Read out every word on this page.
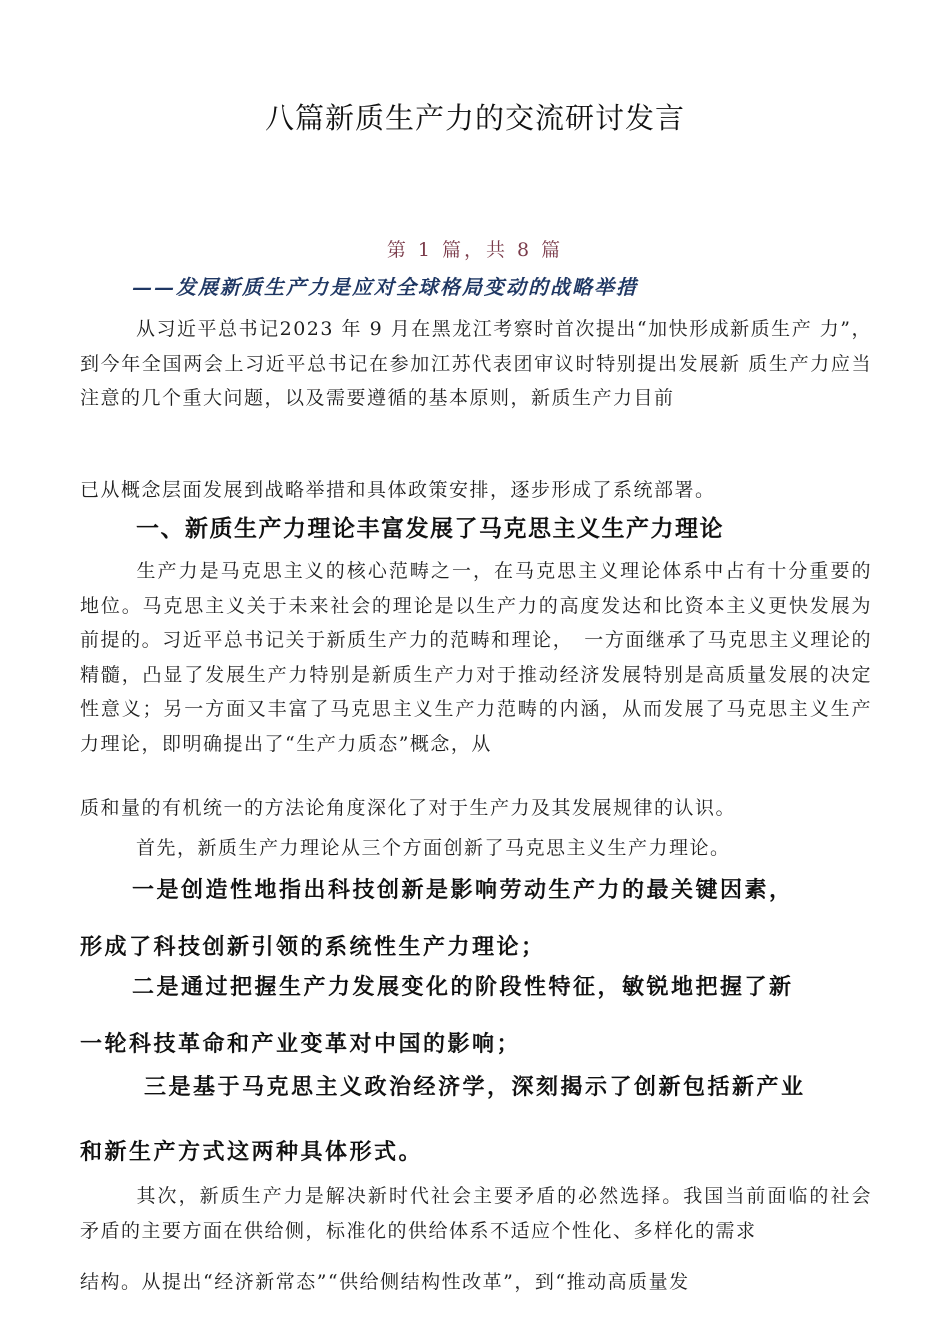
八篇新质生产力的交流研讨发言
第 1 篇，共 8 篇
——发展新质生产力是应对全球格局变动的战略举措
从习近平总书记2023 年 9 月在黑龙江考察时首次提出“加快形成新质生产 力”，到今年全国两会上习近平总书记在参加江苏代表团审议时特别提出发展新 质生产力应当注意的几个重大问题，以及需要遵循的基本原则，新质生产力目前
已从概念层面发展到战略举措和具体政策安排，逐步形成了系统部署。
一、新质生产力理论丰富发展了马克思主义生产力理论
生产力是马克思主义的核心范畴之一，在马克思主义理论体系中占有十分重要的地位。马克思主义关于未来社会的理论是以生产力的高度发达和比资本主义更快发展为前提的。习近平总书记关于新质生产力的范畴和理论，　一方面继承了马克思主义理论的精髓，凸显了发展生产力特别是新质生产力对于推动经济发展特别是高质量发展的决定性意义；另一方面又丰富了马克思主义生产力范畴的内涵，从而发展了马克思主义生产力理论，即明确提出了“生产力质态”概念，从
质和量的有机统一的方法论角度深化了对于生产力及其发展规律的认识。
首先，新质生产力理论从三个方面创新了马克思主义生产力理论。
一是创造性地指出科技创新是影响劳动生产力的最关键因素，
形成了科技创新引领的系统性生产力理论；
二是通过把握生产力发展变化的阶段性特征，敏锐地把握了新
一轮科技革命和产业变革对中国的影响；
三是基于马克思主义政治经济学，深刻揭示了创新包括新产业
和新生产方式这两种具体形式。
其次，新质生产力是解决新时代社会主要矛盾的必然选择。我国当前面临的社会矛盾的主要方面在供给侧，标准化的供给体系不适应个性化、多样化的需求
结构。从提出“经济新常态”“供给侧结构性改革”，到“推动高质量发
